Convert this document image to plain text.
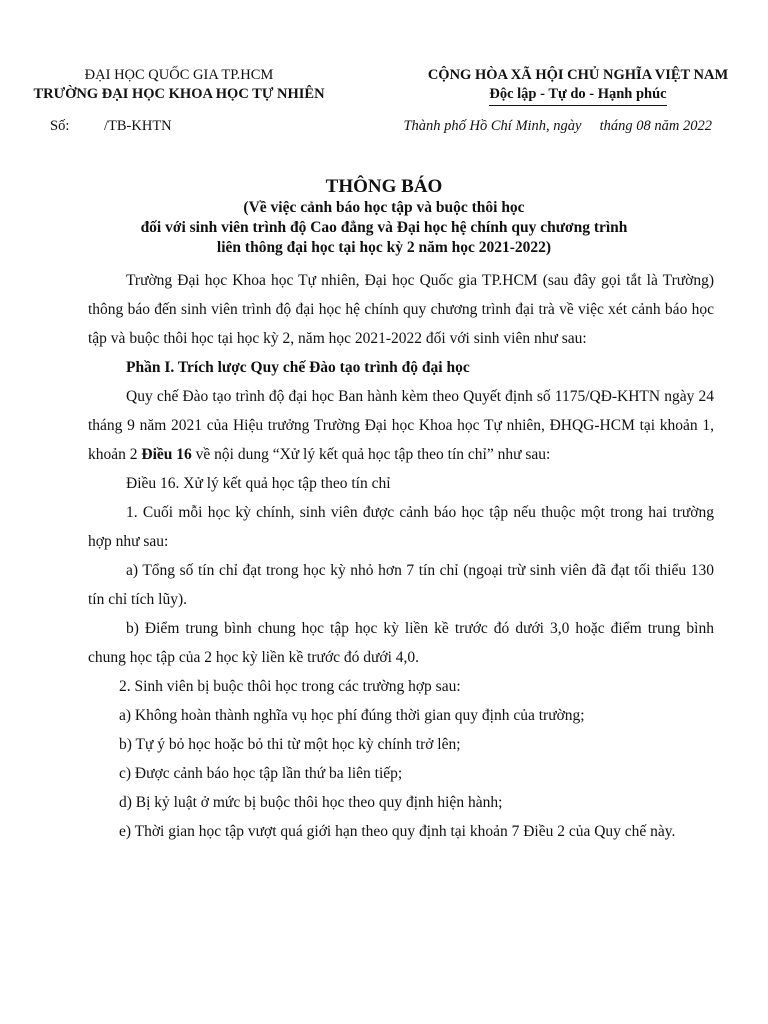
ĐẠI HỌC QUỐC GIA TP.HCM
TRƯỜNG ĐẠI HỌC KHOA HỌC TỰ NHIÊN
CỘNG HÒA XÃ HỘI CHỦ NGHĨA VIỆT NAM
Độc lập - Tự do - Hạnh phúc
Số: /TB-KHTN	Thành phố Hồ Chí Minh, ngày     tháng 08 năm 2022
THÔNG BÁO
(Về việc cảnh báo học tập và buộc thôi học
đối với sinh viên trình độ Cao đẳng và Đại học hệ chính quy chương trình
liên thông đại học tại học kỳ 2 năm học 2021-2022)

Trường Đại học Khoa học Tự nhiên, Đại học Quốc gia TP.HCM (sau đây gọi tắt là Trường) thông báo đến sinh viên trình độ đại học hệ chính quy chương trình đại trà về việc xét cảnh báo học tập và buộc thôi học tại học kỳ 2, năm học 2021-2022 đối với sinh viên như sau:

Phần I. Trích lược Quy chế Đào tạo trình độ đại học

Quy chế Đào tạo trình độ đại học Ban hành kèm theo Quyết định số 1175/QĐ-KHTN ngày 24 tháng 9 năm 2021 của Hiệu trưởng Trường Đại học Khoa học Tự nhiên, ĐHQG-HCM tại khoản 1, khoản 2 Điều 16 về nội dung “Xử lý kết quả học tập theo tín chỉ” như sau:

Điều 16. Xử lý kết quả học tập theo tín chỉ

1. Cuối mỗi học kỳ chính, sinh viên được cảnh báo học tập nếu thuộc một trong hai trường hợp như sau:

a) Tổng số tín chỉ đạt trong học kỳ nhỏ hơn 7 tín chỉ (ngoại trừ sinh viên đã đạt tối thiểu 130 tín chỉ tích lũy).

b) Điểm trung bình chung học tập học kỳ liền kề trước đó dưới 3,0 hoặc điểm trung bình chung học tập của 2 học kỳ liền kề trước đó dưới 4,0.

2. Sinh viên bị buộc thôi học trong các trường hợp sau:

a) Không hoàn thành nghĩa vụ học phí đúng thời gian quy định của trường;

b) Tự ý bỏ học hoặc bỏ thi từ một học kỳ chính trở lên;

c) Được cảnh báo học tập lần thứ ba liên tiếp;

d) Bị kỷ luật ở mức bị buộc thôi học theo quy định hiện hành;

e) Thời gian học tập vượt quá giới hạn theo quy định tại khoản 7 Điều 2 của Quy chế này.
